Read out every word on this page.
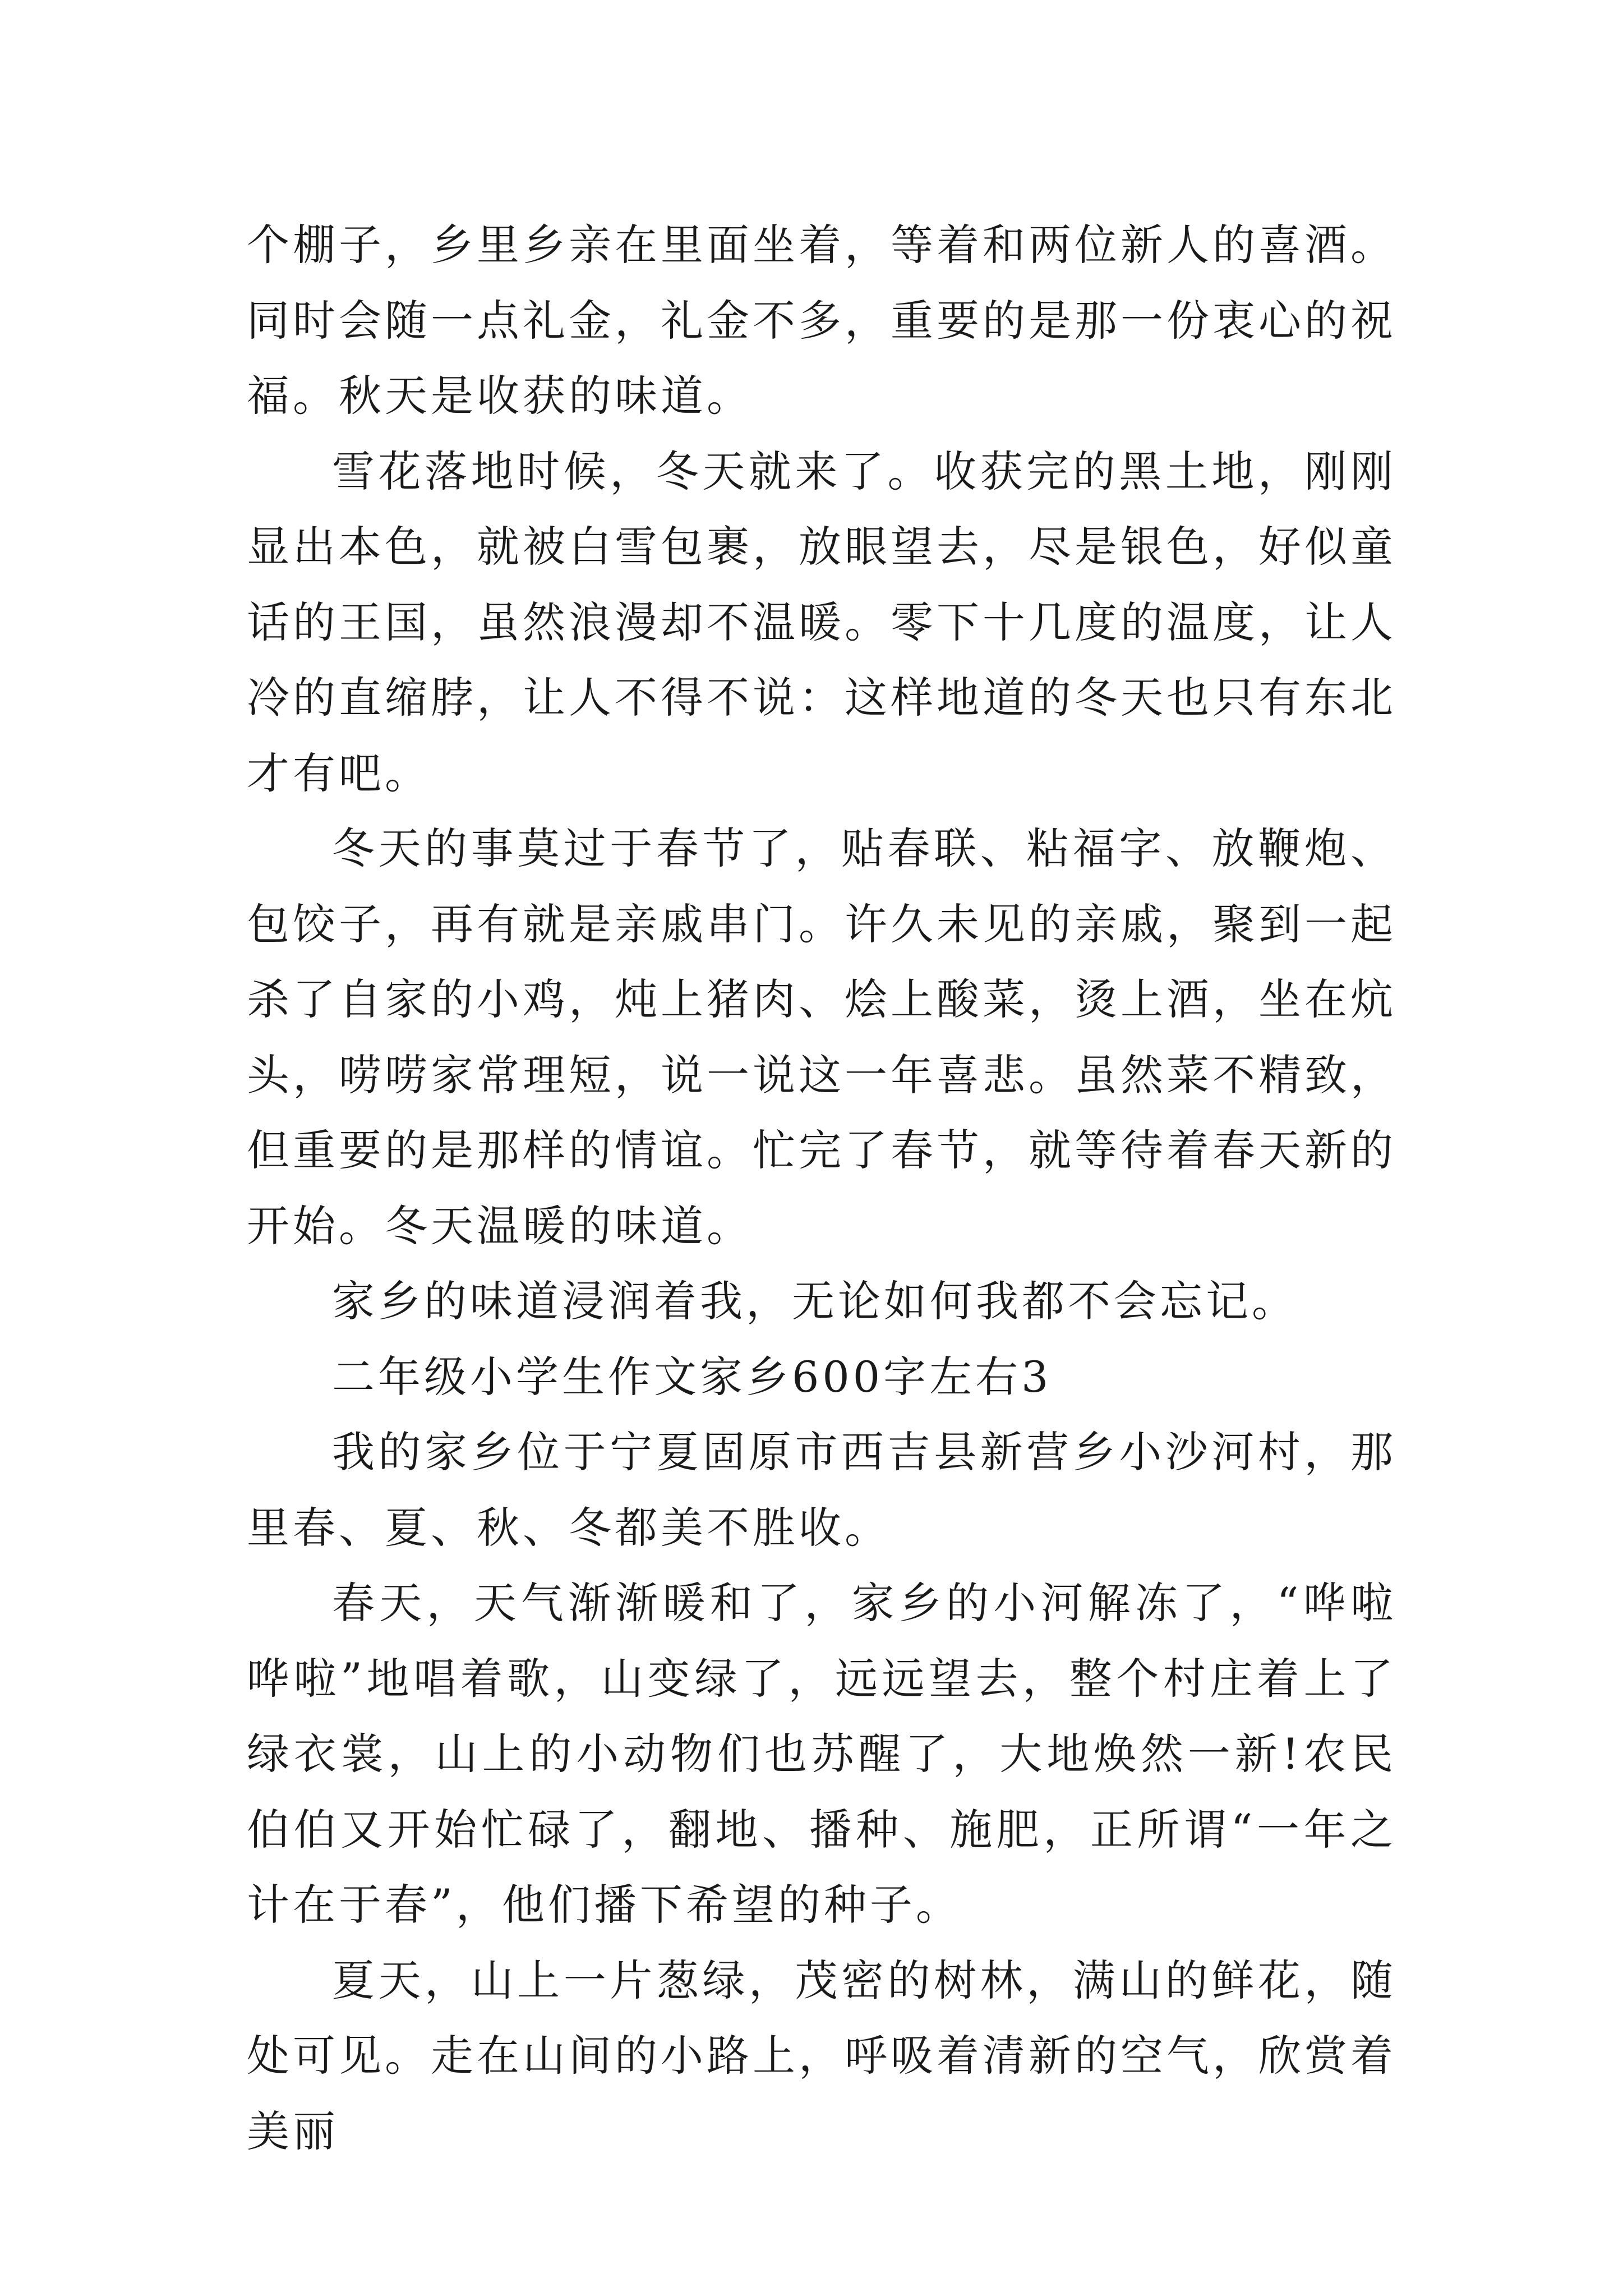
个棚子，乡里乡亲在里面坐着，等着和两位新人的喜酒。同时会随一点礼金，礼金不多，重要的是那一份衷心的祝福。秋天是收获的味道。

雪花落地时候，冬天就来了。收获完的黑土地，刚刚显出本色，就被白雪包裹，放眼望去，尽是银色，好似童话的王国，虽然浪漫却不温暖。零下十几度的温度，让人冷的直缩脖，让人不得不说：这样地道的冬天也只有东北才有吧。

冬天的事莫过于春节了，贴春联、粘福字、放鞭炮、包饺子，再有就是亲戚串门。许久未见的亲戚，聚到一起杀了自家的小鸡，炖上猪肉、烩上酸菜，烫上酒，坐在炕头，唠唠家常理短，说一说这一年喜悲。虽然菜不精致，但重要的是那样的情谊。忙完了春节，就等待着春天新的开始。冬天温暖的味道。

家乡的味道浸润着我，无论如何我都不会忘记。

二年级小学生作文家乡600字左右3

我的家乡位于宁夏固原市西吉县新营乡小沙河村，那里春、夏、秋、冬都美不胜收。

春天，天气渐渐暖和了，家乡的小河解冻了，“哗啦哗啦”地唱着歌，山变绿了，远远望去，整个村庄着上了绿衣裳，山上的小动物们也苏醒了，大地焕然一新!农民伯伯又开始忙碌了，翻地、播种、施肥，正所谓“一年之计在于春”，他们播下希望的种子。

夏天，山上一片葱绿，茂密的树林，满山的鲜花，随处可见。走在山间的小路上，呼吸着清新的空气，欣赏着美丽
